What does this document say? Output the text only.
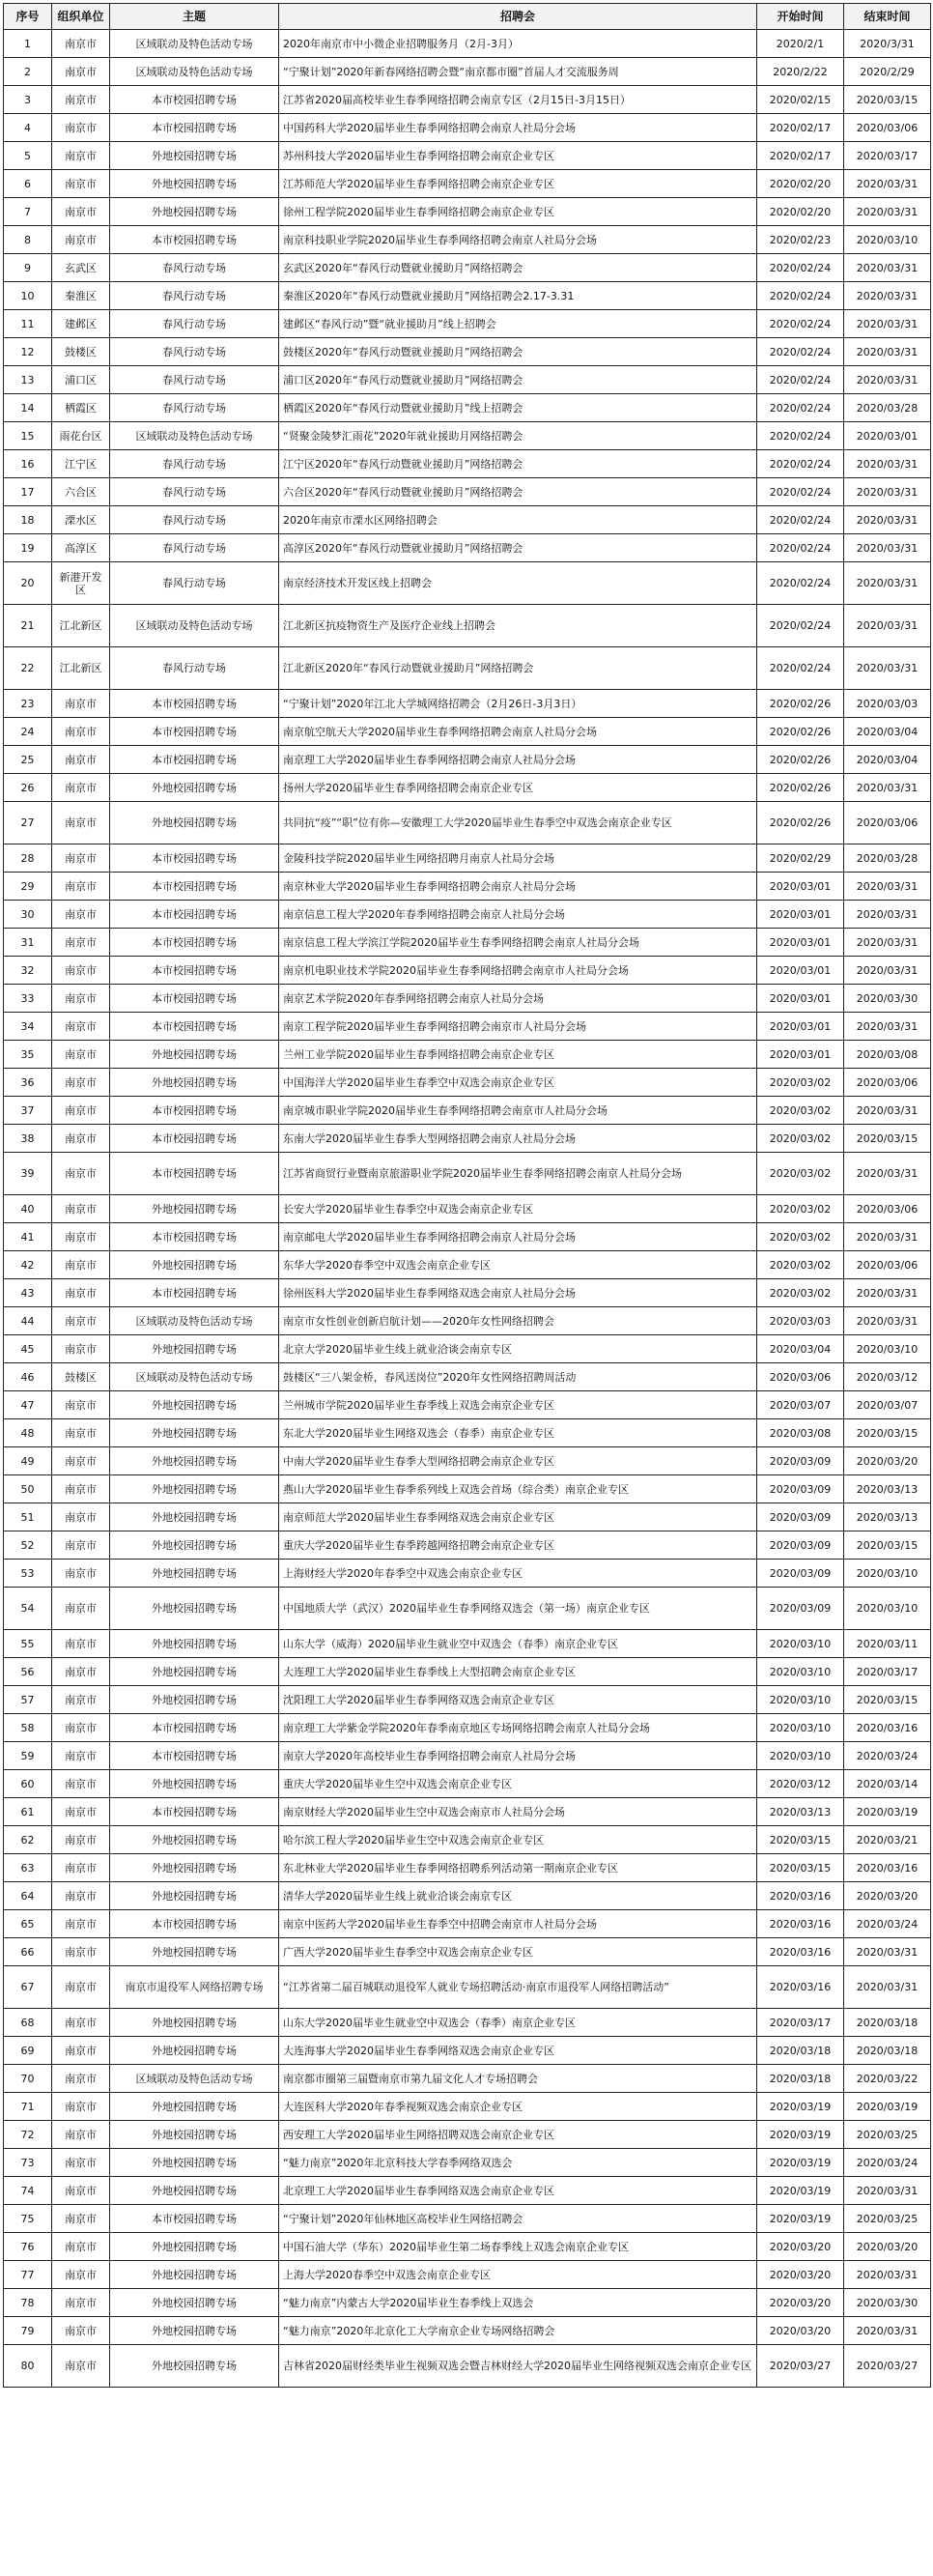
序号	组织单位	主题	招聘会	开始时间	结束时间
1	南京市	区域联动及特色活动专场	2020年南京市中小微企业招聘服务月（2月-3月）	2020/2/1	2020/3/31
2	南京市	区域联动及特色活动专场	“宁聚计划”2020年新春网络招聘会暨“南京都市圈”首届人才交流服务周	2020/2/22	2020/2/29
3	南京市	本市校园招聘专场	江苏省2020届高校毕业生春季网络招聘会南京专区（2月15日-3月15日）	2020/02/15	2020/03/15
4	南京市	本市校园招聘专场	中国药科大学2020届毕业生春季网络招聘会南京人社局分会场	2020/02/17	2020/03/06
5	南京市	外地校园招聘专场	苏州科技大学2020届毕业生春季网络招聘会南京企业专区	2020/02/17	2020/03/17
6	南京市	外地校园招聘专场	江苏师范大学2020届毕业生春季网络招聘会南京企业专区	2020/02/20	2020/03/31
7	南京市	外地校园招聘专场	徐州工程学院2020届毕业生春季网络招聘会南京企业专区	2020/02/20	2020/03/31
8	南京市	本市校园招聘专场	南京科技职业学院2020届毕业生春季网络招聘会南京人社局分会场	2020/02/23	2020/03/10
9	玄武区	春风行动专场	玄武区2020年“春风行动暨就业援助月”网络招聘会	2020/02/24	2020/03/31
10	秦淮区	春风行动专场	秦淮区2020年“春风行动暨就业援助月”网络招聘会2.17-3.31	2020/02/24	2020/03/31
11	建邺区	春风行动专场	建邺区“春风行动”暨“就业援助月”线上招聘会	2020/02/24	2020/03/31
12	鼓楼区	春风行动专场	鼓楼区2020年“春风行动暨就业援助月”网络招聘会	2020/02/24	2020/03/31
13	浦口区	春风行动专场	浦口区2020年“春风行动暨就业援助月”网络招聘会	2020/02/24	2020/03/31
14	栖霞区	春风行动专场	栖霞区2020年“春风行动暨就业援助月”线上招聘会	2020/02/24	2020/03/28
15	雨花台区	区域联动及特色活动专场	“贤聚金陵梦汇雨花”2020年就业援助月网络招聘会	2020/02/24	2020/03/01
16	江宁区	春风行动专场	江宁区2020年“春风行动暨就业援助月”网络招聘会	2020/02/24	2020/03/31
17	六合区	春风行动专场	六合区2020年“春风行动暨就业援助月”网络招聘会	2020/02/24	2020/03/31
18	溧水区	春风行动专场	2020年南京市溧水区网络招聘会	2020/02/24	2020/03/31
19	高淳区	春风行动专场	高淳区2020年“春风行动暨就业援助月”网络招聘会	2020/02/24	2020/03/31
20	新港开发区	春风行动专场	南京经济技术开发区线上招聘会	2020/02/24	2020/03/31
21	江北新区	区域联动及特色活动专场	江北新区抗疫物资生产及医疗企业线上招聘会	2020/02/24	2020/03/31
22	江北新区	春风行动专场	江北新区2020年“春风行动暨就业援助月”网络招聘会	2020/02/24	2020/03/31
23	南京市	本市校园招聘专场	“宁聚计划”2020年江北大学城网络招聘会（2月26日-3月3日）	2020/02/26	2020/03/03
24	南京市	本市校园招聘专场	南京航空航天大学2020届毕业生春季网络招聘会南京人社局分会场	2020/02/26	2020/03/04
25	南京市	本市校园招聘专场	南京理工大学2020届毕业生春季网络招聘会南京人社局分会场	2020/02/26	2020/03/04
26	南京市	外地校园招聘专场	扬州大学2020届毕业生春季网络招聘会南京企业专区	2020/02/26	2020/03/31
27	南京市	外地校园招聘专场	共同抗“疫”“职”位有你—安徽理工大学2020届毕业生春季空中双选会南京企业专区	2020/02/26	2020/03/06
28	南京市	本市校园招聘专场	金陵科技学院2020届毕业生网络招聘月南京人社局分会场	2020/02/29	2020/03/28
29	南京市	本市校园招聘专场	南京林业大学2020届毕业生春季网络招聘会南京人社局分会场	2020/03/01	2020/03/31
30	南京市	本市校园招聘专场	南京信息工程大学2020年春季网络招聘会南京人社局分会场	2020/03/01	2020/03/31
31	南京市	本市校园招聘专场	南京信息工程大学滨江学院2020届毕业生春季网络招聘会南京人社局分会场	2020/03/01	2020/03/31
32	南京市	本市校园招聘专场	南京机电职业技术学院2020届毕业生春季网络招聘会南京市人社局分会场	2020/03/01	2020/03/31
33	南京市	本市校园招聘专场	南京艺术学院2020年春季网络招聘会南京人社局分会场	2020/03/01	2020/03/30
34	南京市	本市校园招聘专场	南京工程学院2020届毕业生春季网络招聘会南京市人社局分会场	2020/03/01	2020/03/31
35	南京市	外地校园招聘专场	兰州工业学院2020届毕业生春季网络招聘会南京企业专区	2020/03/01	2020/03/08
36	南京市	外地校园招聘专场	中国海洋大学2020届毕业生春季空中双选会南京企业专区	2020/03/02	2020/03/06
37	南京市	本市校园招聘专场	南京城市职业学院2020届毕业生春季网络招聘会南京市人社局分会场	2020/03/02	2020/03/31
38	南京市	本市校园招聘专场	东南大学2020届毕业生春季大型网络招聘会南京人社局分会场	2020/03/02	2020/03/15
39	南京市	本市校园招聘专场	江苏省商贸行业暨南京旅游职业学院2020届毕业生春季网络招聘会南京人社局分会场	2020/03/02	2020/03/31
40	南京市	外地校园招聘专场	长安大学2020届毕业生春季空中双选会南京企业专区	2020/03/02	2020/03/06
41	南京市	本市校园招聘专场	南京邮电大学2020届毕业生春季网络招聘会南京人社局分会场	2020/03/02	2020/03/31
42	南京市	外地校园招聘专场	东华大学2020春季空中双选会南京企业专区	2020/03/02	2020/03/06
43	南京市	本市校园招聘专场	徐州医科大学2020届毕业生春季网络双选会南京人社局分会场	2020/03/02	2020/03/31
44	南京市	区域联动及特色活动专场	南京市女性创业创新启航计划——2020年女性网络招聘会	2020/03/03	2020/03/31
45	南京市	外地校园招聘专场	北京大学2020届毕业生线上就业洽谈会南京专区	2020/03/04	2020/03/10
46	鼓楼区	区域联动及特色活动专场	鼓楼区“三八架金桥，春风送岗位”2020年女性网络招聘周活动	2020/03/06	2020/03/12
47	南京市	外地校园招聘专场	兰州城市学院2020届毕业生春季线上双选会南京企业专区	2020/03/07	2020/03/07
48	南京市	外地校园招聘专场	东北大学2020届毕业生网络双选会（春季）南京企业专区	2020/03/08	2020/03/15
49	南京市	外地校园招聘专场	中南大学2020届毕业生春季大型网络招聘会南京企业专区	2020/03/09	2020/03/20
50	南京市	外地校园招聘专场	燕山大学2020届毕业生春季系列线上双选会首场（综合类）南京企业专区	2020/03/09	2020/03/13
51	南京市	外地校园招聘专场	南京师范大学2020届毕业生春季网络双选会南京企业专区	2020/03/09	2020/03/13
52	南京市	外地校园招聘专场	重庆大学2020届毕业生春季跨越网络招聘会南京企业专区	2020/03/09	2020/03/15
53	南京市	外地校园招聘专场	上海财经大学2020年春季空中双选会南京企业专区	2020/03/09	2020/03/10
54	南京市	外地校园招聘专场	中国地质大学（武汉）2020届毕业生春季网络双选会（第一场）南京企业专区	2020/03/09	2020/03/10
55	南京市	外地校园招聘专场	山东大学（威海）2020届毕业生就业空中双选会（春季）南京企业专区	2020/03/10	2020/03/11
56	南京市	外地校园招聘专场	大连理工大学2020届毕业生春季线上大型招聘会南京企业专区	2020/03/10	2020/03/17
57	南京市	外地校园招聘专场	沈阳理工大学2020届毕业生春季网络双选会南京企业专区	2020/03/10	2020/03/15
58	南京市	本市校园招聘专场	南京理工大学紫金学院2020年春季南京地区专场网络招聘会南京人社局分会场	2020/03/10	2020/03/16
59	南京市	本市校园招聘专场	南京大学2020年高校毕业生春季网络招聘会南京人社局分会场	2020/03/10	2020/03/24
60	南京市	外地校园招聘专场	重庆大学2020届毕业生空中双选会南京企业专区	2020/03/12	2020/03/14
61	南京市	本市校园招聘专场	南京财经大学2020届毕业生空中双选会南京市人社局分会场	2020/03/13	2020/03/19
62	南京市	外地校园招聘专场	哈尔滨工程大学2020届毕业生空中双选会南京企业专区	2020/03/15	2020/03/21
63	南京市	外地校园招聘专场	东北林业大学2020届毕业生春季网络招聘系列活动第一期南京企业专区	2020/03/15	2020/03/16
64	南京市	外地校园招聘专场	清华大学2020届毕业生线上就业洽谈会南京专区	2020/03/16	2020/03/20
65	南京市	本市校园招聘专场	南京中医药大学2020届毕业生春季空中招聘会南京市人社局分会场	2020/03/16	2020/03/24
66	南京市	外地校园招聘专场	广西大学2020届毕业生春季空中双选会南京企业专区	2020/03/16	2020/03/31
67	南京市	南京市退役军人网络招聘专场	“江苏省第二届百城联动退役军人就业专场招聘活动·南京市退役军人网络招聘活动”	2020/03/16	2020/03/31
68	南京市	外地校园招聘专场	山东大学2020届毕业生就业空中双选会（春季）南京企业专区	2020/03/17	2020/03/18
69	南京市	外地校园招聘专场	大连海事大学2020届毕业生春季网络双选会南京企业专区	2020/03/18	2020/03/18
70	南京市	区域联动及特色活动专场	南京都市圈第三届暨南京市第九届文化人才专场招聘会	2020/03/18	2020/03/22
71	南京市	外地校园招聘专场	大连医科大学2020年春季视频双选会南京企业专区	2020/03/19	2020/03/19
72	南京市	外地校园招聘专场	西安理工大学2020届毕业生网络招聘双选会南京企业专区	2020/03/19	2020/03/25
73	南京市	外地校园招聘专场	“魅力南京”2020年北京科技大学春季网络双选会	2020/03/19	2020/03/24
74	南京市	外地校园招聘专场	北京理工大学2020届毕业生春季网络双选会南京企业专区	2020/03/19	2020/03/31
75	南京市	本市校园招聘专场	“宁聚计划”2020年仙林地区高校毕业生网络招聘会	2020/03/19	2020/03/25
76	南京市	外地校园招聘专场	中国石油大学（华东）2020届毕业生第二场春季线上双选会南京企业专区	2020/03/20	2020/03/20
77	南京市	外地校园招聘专场	上海大学2020春季空中双选会南京企业专区	2020/03/20	2020/03/31
78	南京市	外地校园招聘专场	“魅力南京”内蒙古大学2020届毕业生春季线上双选会	2020/03/20	2020/03/30
79	南京市	外地校园招聘专场	“魅力南京”2020年北京化工大学南京企业专场网络招聘会	2020/03/20	2020/03/31
80	南京市	外地校园招聘专场	吉林省2020届财经类毕业生视频双选会暨吉林财经大学2020届毕业生网络视频双选会南京企业专区	2020/03/27	2020/03/27
